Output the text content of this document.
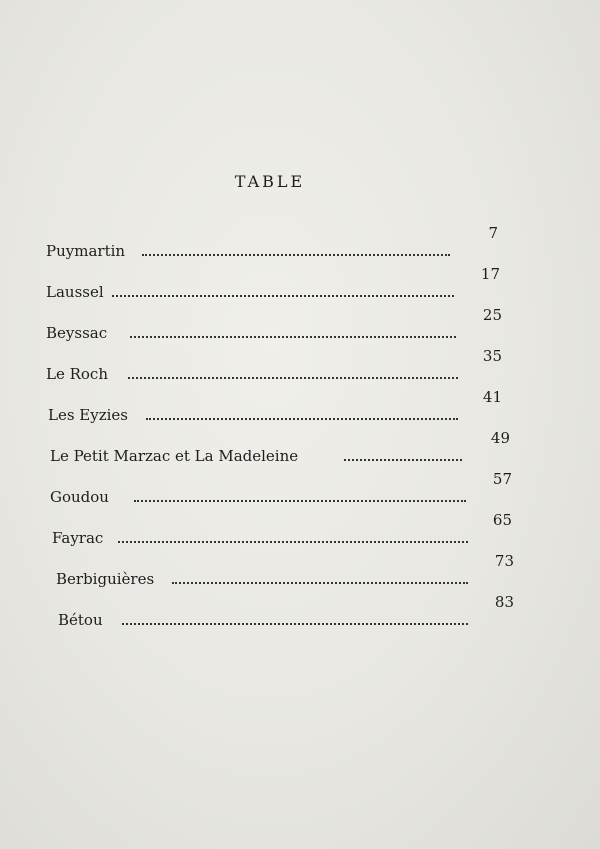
TABLE
Puymartin
7
Laussel
17
Beyssac
25
Le Roch
35
Les Eyzies
41
Le Petit Marzac et La Madeleine
49
Goudou
57
Fayrac
65
Berbiguières
73
Bétou
83
